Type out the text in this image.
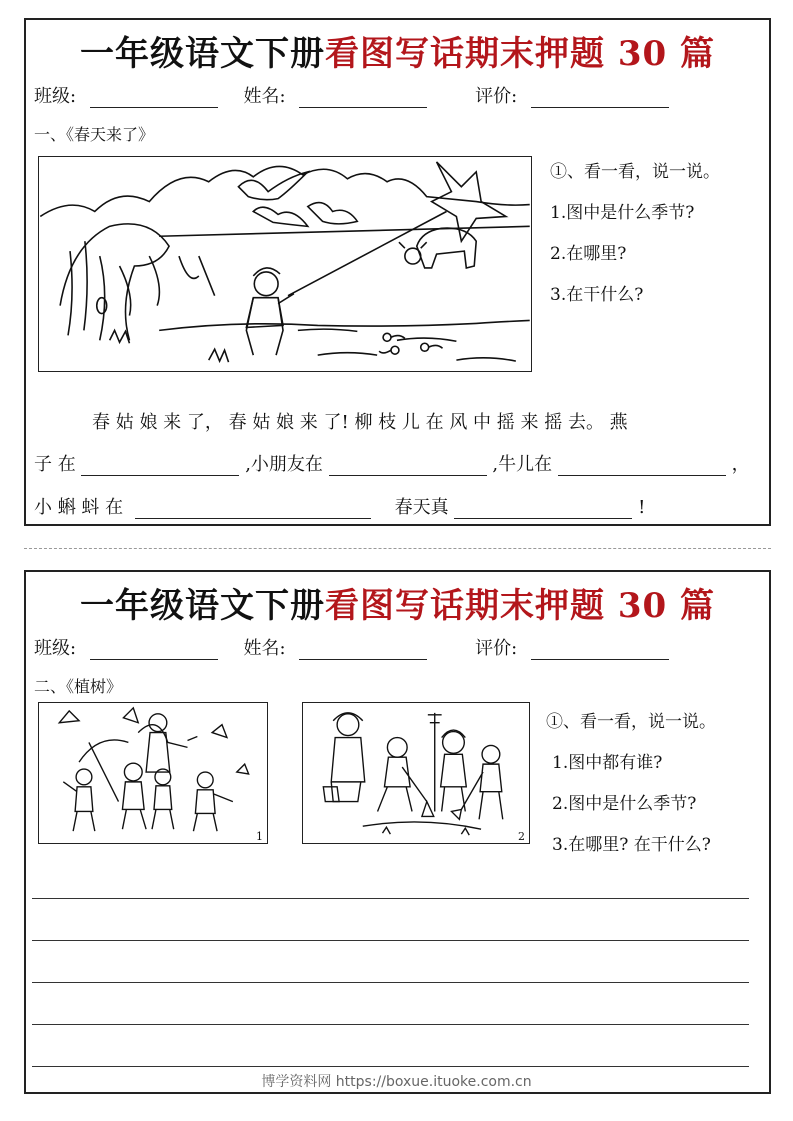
一年级语文下册看图写话期末押题 30 篇
班级:	姓名:	评价:
一、《春天来了》
①、看一看，说一说。
1.图中是什么季节?
2.在哪里?
3.在干什么?
春 姑 娘 来 了， 春 姑 娘 来 了! 柳 枝 儿 在 风 中 摇 来 摇 去。 燕
子 在	,小朋友在	,牛儿在	，
小 蝌 蚪 在	春天真	!
一年级语文下册看图写话期末押题 30 篇
班级:	姓名:	评价:
二、《植树》
1	2
①、看一看，说一说。
1.图中都有谁?
2.图中是什么季节?
3.在哪里? 在干什么?
博学资料网 https://boxue.ituoke.com.cn
